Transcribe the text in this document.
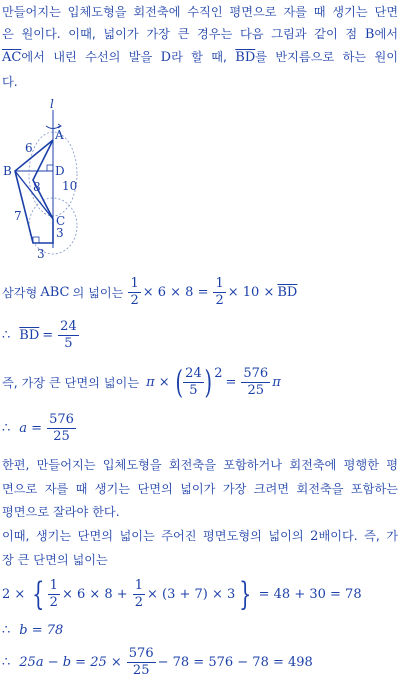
만들어지는 입체도형을 회전축에 수직인 평면으로 자를 때 생기는 단면
은 원이다. 이때, 넓이가 가장 큰 경우는 다음 그림과 같이 점 B에서
$\overline{AC}$에서 내린 수선의 발을 D라 할 때, $\overline{BD}$를 반지름으로 하는 원이
다.
l
A
B
C
D
6
8 10
7
3
3
삼각형 ABC 의 넓이는 $\frac{1}{2} \times 6 \times 8 = \frac{1}{2} \times 10 \times \overline{BD}$
∴ $\overline{BD} = \frac{24}{5}$
즉, 가장 큰 단면의 넓이는 π × ( $\frac{24}{5}$ ) 2
= $\frac{576}{25}$ π
∴ $a = \frac{576}{25}$
한편, 만들어지는 입체도형을 회전축을 포함하거나 회전축에 평행한 평
면으로 자를 때 생기는 단면의 넓이가 가장 크려면 회전축을 포함하는
평면으로 잘라야 한다.
이때, 생기는 단면의 넓이는 주어진 평면도형의 넓이의 2배이다. 즉, 가
장 큰 단면의 넓이는
2 × { $\frac{1}{2} \times 6 \times 8 + \frac{1}{2} \times (3 + 7) \times 3$ } = 48 + 30 = 78
∴ b = 78
∴ $25a - b = 25 \times \frac{576}{25} - 78 = 576 - 78 = 498$
